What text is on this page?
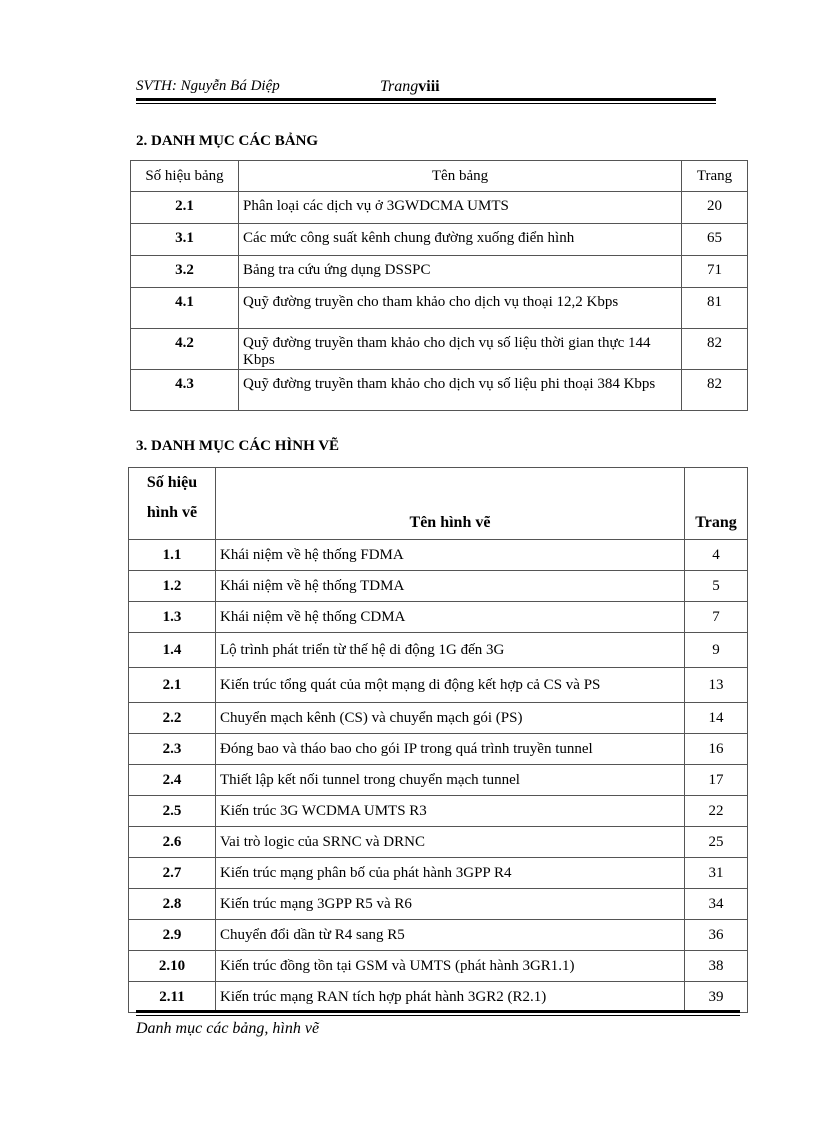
SVTH: Nguyễn Bá Diệp	Trangviii
2. DANH MỤC CÁC BẢNG
Số hiệu bảng	Tên bảng	Trang
2.1	Phân loại các dịch vụ ở 3GWDCMA UMTS	20
3.1	Các mức công suất kênh chung đường xuống điển hình	65
3.2	Bảng tra cứu ứng dụng DSSPC	71
4.1	Quỹ đường truyền cho tham khảo cho dịch vụ thoại 12,2 Kbps	81
4.2	Quỹ đường truyền tham khảo cho dịch vụ số liệu thời gian thực 144 Kbps	82
4.3	Quỹ đường truyền tham khảo cho dịch vụ số liệu phi thoại 384 Kbps	82
3. DANH MỤC CÁC HÌNH VẼ
Số hiệu hình vẽ	Tên hình vẽ	Trang
1.1	Khái niệm về hệ thống FDMA	4
1.2	Khái niệm về hệ thống TDMA	5
1.3	Khái niệm về hệ thống CDMA	7
1.4	Lộ trình phát triển từ thế hệ di động 1G đến 3G	9
2.1	Kiến trúc tổng quát của một mạng di động kết hợp cả CS và PS	13
2.2	Chuyển mạch kênh (CS) và chuyển mạch gói (PS)	14
2.3	Đóng bao và tháo bao cho gói IP trong quá trình truyền tunnel	16
2.4	Thiết lập kết nối tunnel trong chuyển mạch tunnel	17
2.5	Kiến trúc 3G WCDMA UMTS R3	22
2.6	Vai trò logic của SRNC và DRNC	25
2.7	Kiến trúc mạng phân bố của phát hành 3GPP R4	31
2.8	Kiến trúc mạng 3GPP R5 và R6	34
2.9	Chuyển đổi dần từ R4 sang R5	36
2.10	Kiến trúc đồng tồn tại GSM và UMTS (phát hành 3GR1.1)	38
2.11	Kiến trúc mạng RAN tích hợp phát hành 3GR2 (R2.1)	39
Danh mục các bảng, hình vẽ
